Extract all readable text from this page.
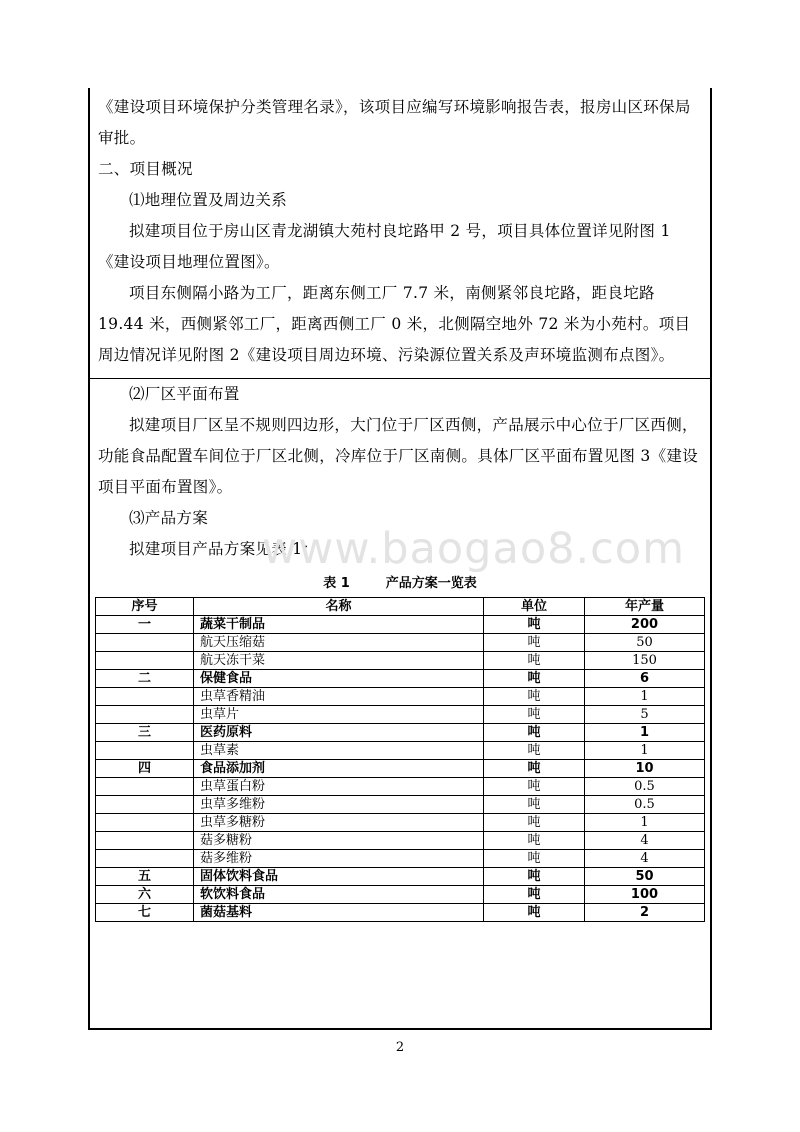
《建设项目环境保护分类管理名录》，该项目应编写环境影响报告表，报房山区环保局
审批。
二、项目概况
⑴地理位置及周边关系
拟建项目位于房山区青龙湖镇大苑村良坨路甲 2 号，项目具体位置详见附图 1《建设项目地理位置图》。
项目东侧隔小路为工厂，距离东侧工厂 7.7 米，南侧紧邻良坨路，距良坨路 19.44 米，西侧紧邻工厂，距离西侧工厂 0 米，北侧隔空地外 72 米为小苑村。项目周边情况详见附图 2《建设项目周边环境、污染源位置关系及声环境监测布点图》。
⑵厂区平面布置
拟建项目厂区呈不规则四边形，大门位于厂区西侧，产品展示中心位于厂区西侧，功能食品配置车间位于厂区北侧，冷库位于厂区南侧。具体厂区平面布置见图 3《建设项目平面布置图》。
⑶产品方案
拟建项目产品方案见表 1：
www.baogao8.com
表 1	产品方案一览表
序号	名称	单位	年产量
一	蔬菜干制品	吨	200
	航天压缩菇	吨	50
	航天冻干菜	吨	150
二	保健食品	吨	6
	虫草香精油	吨	1
	虫草片	吨	5
三	医药原料	吨	1
	虫草素	吨	1
四	食品添加剂	吨	10
	虫草蛋白粉	吨	0.5
	虫草多维粉	吨	0.5
	虫草多糖粉	吨	1
	菇多糖粉	吨	4
	菇多维粉	吨	4
五	固体饮料食品	吨	50
六	软饮料食品	吨	100
七	菌菇基料	吨	2
2
